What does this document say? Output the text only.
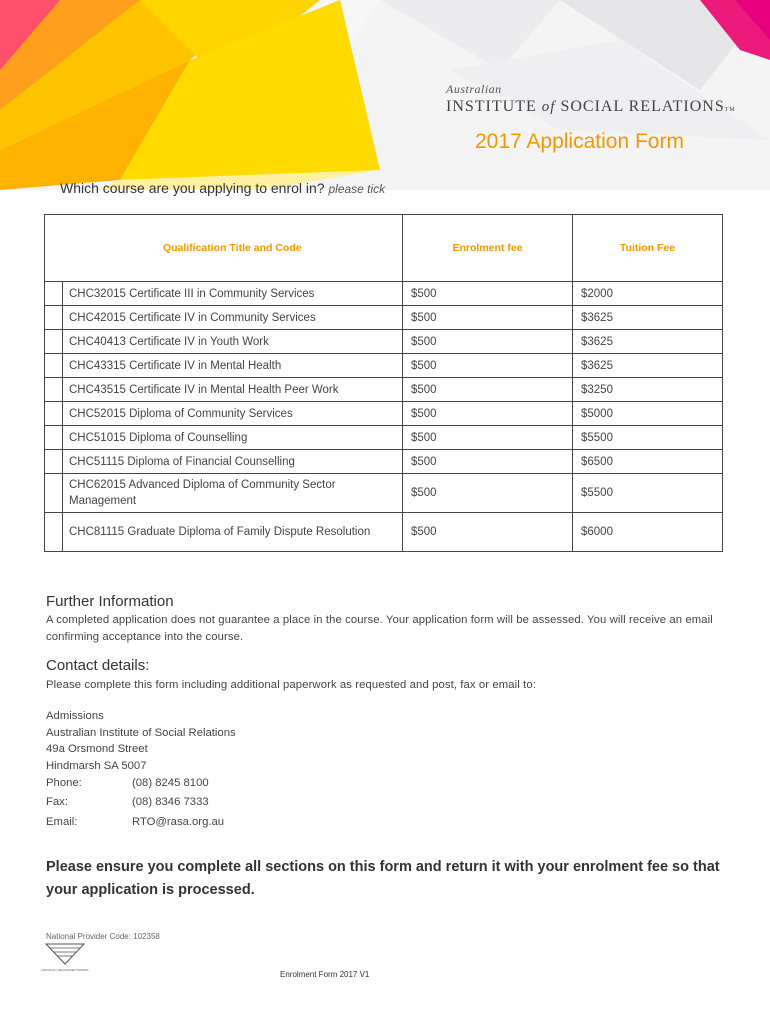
Australian
INSTITUTE of SOCIAL RELATIONSTM
2017 Application Form
Which course are you applying to enrol in? please tick
	Qualification Title and Code	Enrolment fee	Tuition Fee
	CHC32015 Certificate III in Community Services	$500	$2000
	CHC42015 Certificate IV in Community Services	$500	$3625
	CHC40413 Certificate IV in Youth Work	$500	$3625
	CHC43315 Certificate IV in Mental Health	$500	$3625
	CHC43515 Certificate IV in Mental Health Peer Work	$500	$3250
	CHC52015 Diploma of Community Services	$500	$5000
	CHC51015 Diploma of Counselling	$500	$5500
	CHC51115 Diploma of Financial Counselling	$500	$6500
	CHC62015 Advanced Diploma of Community Sector Management	$500	$5500
	CHC81115 Graduate Diploma of Family Dispute Resolution	$500	$6000
Further Information
A completed application does not guarantee a place in the course. Your application form will be assessed. You will receive an email confirming acceptance into the course.
Contact details:
Please complete this form including additional paperwork as requested and post, fax or email to:
Admissions
Australian Institute of Social Relations
49a Orsmond Street
Hindmarsh SA 5007
Phone:	(08) 8245 8100
Fax:	(08) 8346 7333
Email:	RTO@rasa.org.au
Please ensure you complete all sections on this form and return it with your enrolment fee so that your application is processed.
National Provider Code: 102358
NATIONALLY RECOGNISED TRAINING	Enrolment Form 2017 V1
